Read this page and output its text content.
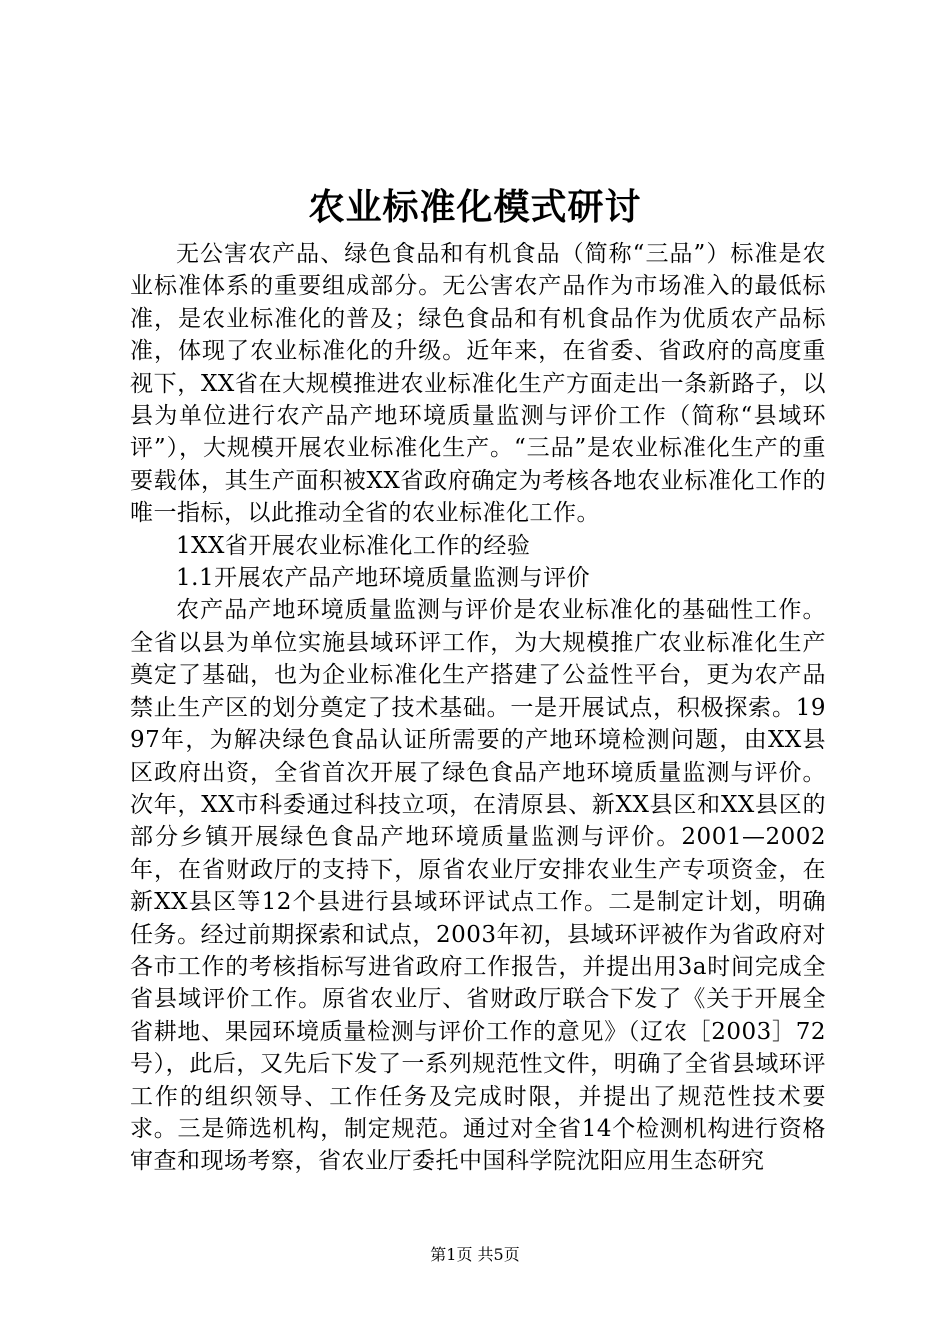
农业标准化模式研讨

无公害农产品、绿色食品和有机食品（简称“三品”）标准是农业标准体系的重要组成部分。无公害农产品作为市场准入的最低标准，是农业标准化的普及；绿色食品和有机食品作为优质农产品标准，体现了农业标准化的升级。近年来，在省委、省政府的高度重视下，XX省在大规模推进农业标准化生产方面走出一条新路子，以县为单位进行农产品产地环境质量监测与评价工作（简称“县域环评”），大规模开展农业标准化生产。“三品”是农业标准化生产的重要载体，其生产面积被XX省政府确定为考核各地农业标准化工作的唯一指标，以此推动全省的农业标准化工作。

1XX省开展农业标准化工作的经验

1.1开展农产品产地环境质量监测与评价

农产品产地环境质量监测与评价是农业标准化的基础性工作。全省以县为单位实施县域环评工作，为大规模推广农业标准化生产奠定了基础，也为企业标准化生产搭建了公益性平台，更为农产品禁止生产区的划分奠定了技术基础。一是开展试点，积极探索。1997年，为解决绿色食品认证所需要的产地环境检测问题，由XX县区政府出资，全省首次开展了绿色食品产地环境质量监测与评价。次年，XX市科委通过科技立项，在清原县、新XX县区和XX县区的部分乡镇开展绿色食品产地环境质量监测与评价。2001—2002年，在省财政厅的支持下，原省农业厅安排农业生产专项资金，在新XX县区等12个县进行县域环评试点工作。二是制定计划，明确任务。经过前期探索和试点，2003年初，县域环评被作为省政府对各市工作的考核指标写进省政府工作报告，并提出用3a时间完成全省县域评价工作。原省农业厅、省财政厅联合下发了《关于开展全省耕地、果园环境质量检测与评价工作的意见》（辽农［2003］72号），此后，又先后下发了一系列规范性文件，明确了全省县域环评工作的组织领导、工作任务及完成时限，并提出了规范性技术要求。三是筛选机构，制定规范。通过对全省14个检测机构进行资格审查和现场考察，省农业厅委托中国科学院沈阳应用生态研究

第1页 共5页
